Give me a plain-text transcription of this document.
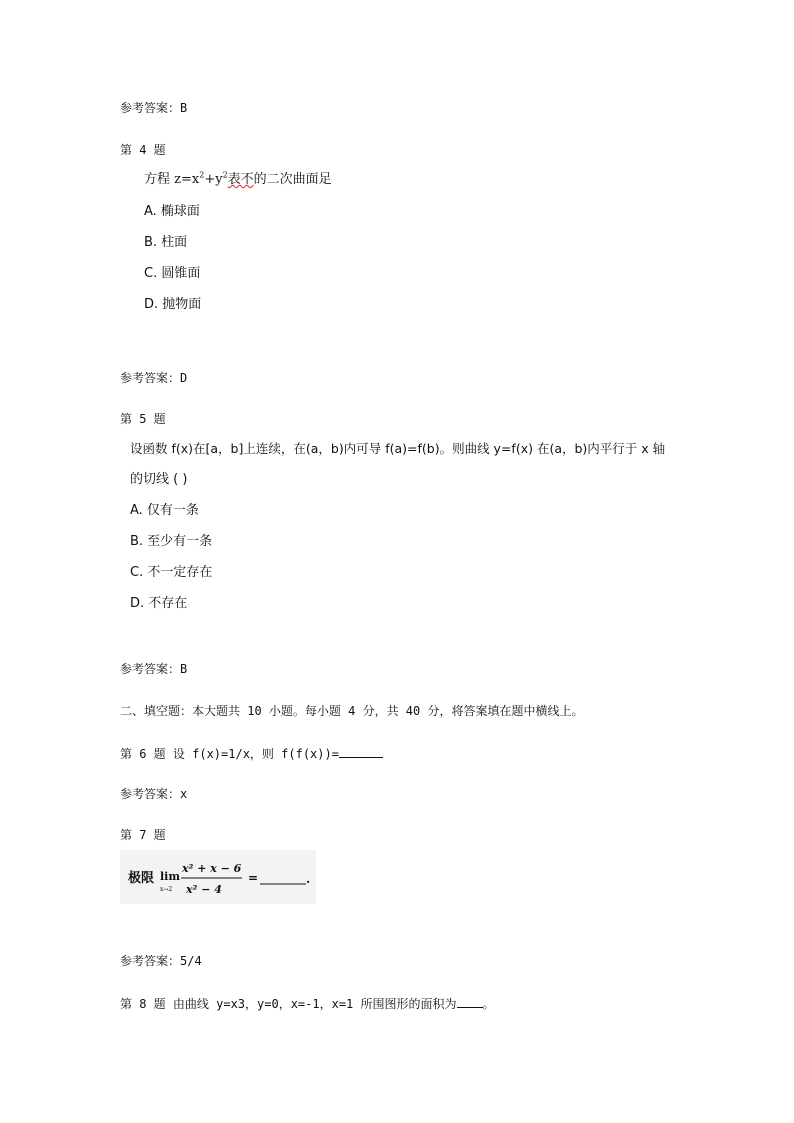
参考答案：B
第 4 题
方程 $z=x^2+y^2$表不的二次曲面足
A. 椭球面
B. 柱面
C. 圆锥面
D. 抛物面
参考答案：D
第 5 题
设函数 f(x)在[a，b]上连续，在(a，b)内可导 f(a)=f(b)。则曲线 y=f(x) 在(a，b)内平行于 x 轴
的切线 ( )
A. 仅有一条
B. 至少有一条
C. 不一定存在
D. 不存在
参考答案：B
二、填空题：本大题共 10 小题。每小题 4 分，共 40 分，将答案填在题中横线上。
第 6 题 设 f(x)=1/x，则 f(f(x))=
参考答案：x
第 7 题
极限 lim
x→2
x² + x − 6
x² − 4
=	.
参考答案：5/4
第 8 题 由曲线 y=x3，y=0，x=-1，x=1 所围图形的面积为 。
